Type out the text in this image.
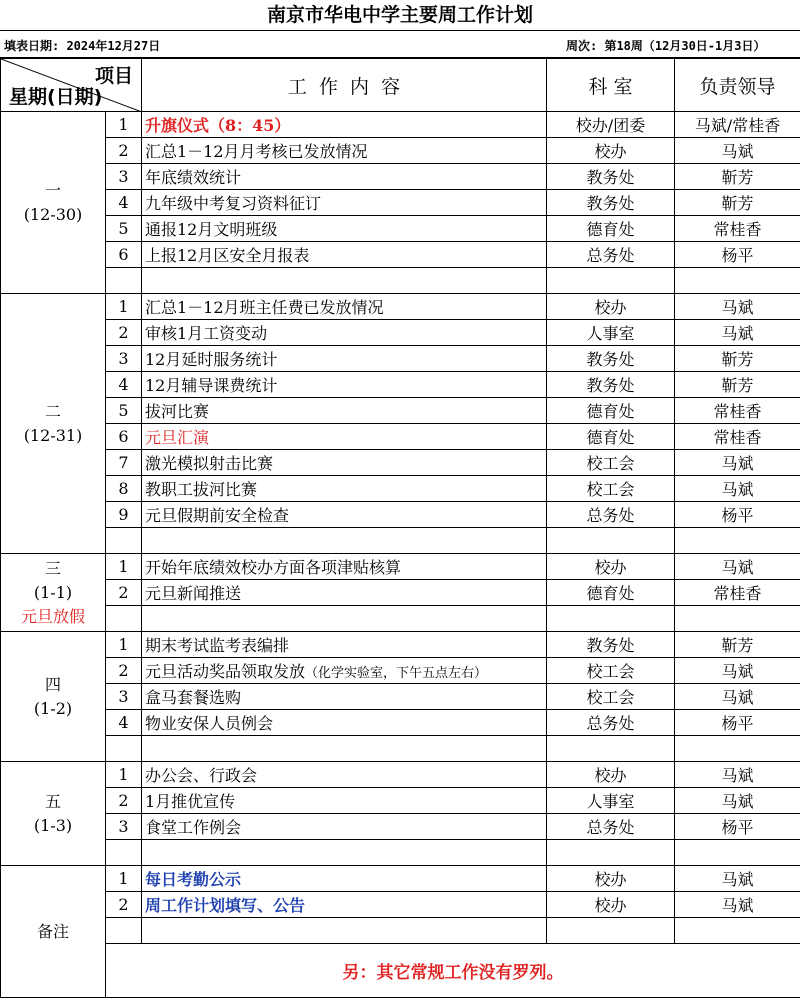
南京市华电中学主要周工作计划
填表日期: 2024年12月27日	周次: 第18周（12月30日-1月3日）
项目
星期(日期)		工  作  内  容	科 室	负责领导

一
(12-30)	1	升旗仪式（8：45）	校办/团委	马斌/常桂香
	2	汇总1－12月月考核已发放情况	校办	马斌
	3	年底绩效统计	教务处	靳芳
	4	九年级中考复习资料征订	教务处	靳芳
	5	通报12月文明班级	德育处	常桂香
	6	上报12月区安全月报表	总务处	杨平

二
(12-31)	1	汇总1－12月班主任费已发放情况	校办	马斌
	2	审核1月工资变动	人事室	马斌
	3	12月延时服务统计	教务处	靳芳
	4	12月辅导课费统计	教务处	靳芳
	5	拔河比赛	德育处	常桂香
	6	元旦汇演	德育处	常桂香
	7	激光模拟射击比赛	校工会	马斌
	8	教职工拔河比赛	校工会	马斌
	9	元旦假期前安全检查	总务处	杨平

三
(1-1)
元旦放假	1	开始年底绩效校办方面各项津贴核算	校办	马斌
	2	元旦新闻推送	德育处	常桂香

四
(1-2)	1	期末考试监考表编排	教务处	靳芳
	2	元旦活动奖品领取发放（化学实验室，下午五点左右）	校工会	马斌
	3	盒马套餐选购	校工会	马斌
	4	物业安保人员例会	总务处	杨平

五
(1-3)	1	办公会、行政会	校办	马斌
	2	1月推优宣传	人事室	马斌
	3	食堂工作例会	总务处	杨平

备注	1	每日考勤公示	校办	马斌
	2	周工作计划填写、公告	校办	马斌

	另：其它常规工作没有罗列。			
